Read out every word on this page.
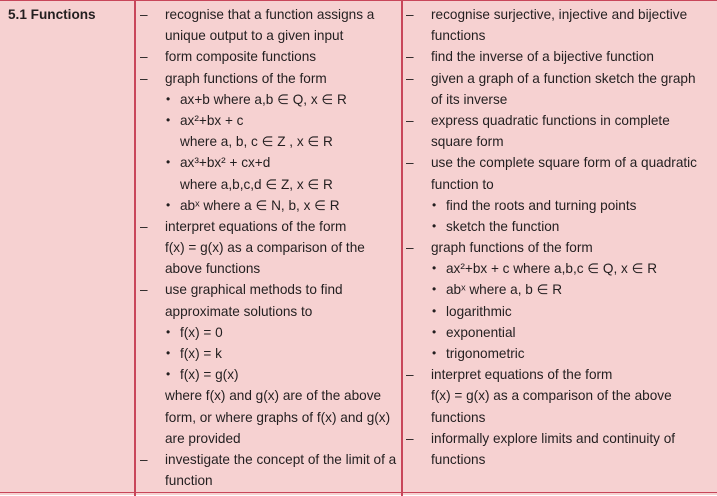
5.1 Functions	– recognise that a function assigns a
unique output to a given input
– form composite functions
– graph functions of the form
• ax+b where a,b ∈ Q, x ∈ R
• ax²+bx + c
where a, b, c ∈ Z , x ∈ R
• ax³+bx² + cx+d
where a,b,c,d ∈ Z, x ∈ R
• abˣ where a ∈ N, b, x ∈ R
– interpret equations of the form
f(x) = g(x) as a comparison of the
above functions
– use graphical methods to find
approximate solutions to
• f(x) = 0
• f(x) = k
• f(x) = g(x)
where f(x) and g(x) are of the above
form, or where graphs of f(x) and g(x)
are provided
– investigate the concept of the limit of a
function
– recognise surjective, injective and bijective
functions
– find the inverse of a bijective function
– given a graph of a function sketch the graph
of its inverse
– express quadratic functions in complete
square form
– use the complete square form of a quadratic
function to
• find the roots and turning points
• sketch the function
– graph functions of the form
• ax²+bx + c where a,b,c ∈ Q, x ∈ R
• abˣ where a, b ∈ R
• logarithmic
• exponential
• trigonometric
– interpret equations of the form
f(x) = g(x) as a comparison of the above
functions
– informally explore limits and continuity of
functions
